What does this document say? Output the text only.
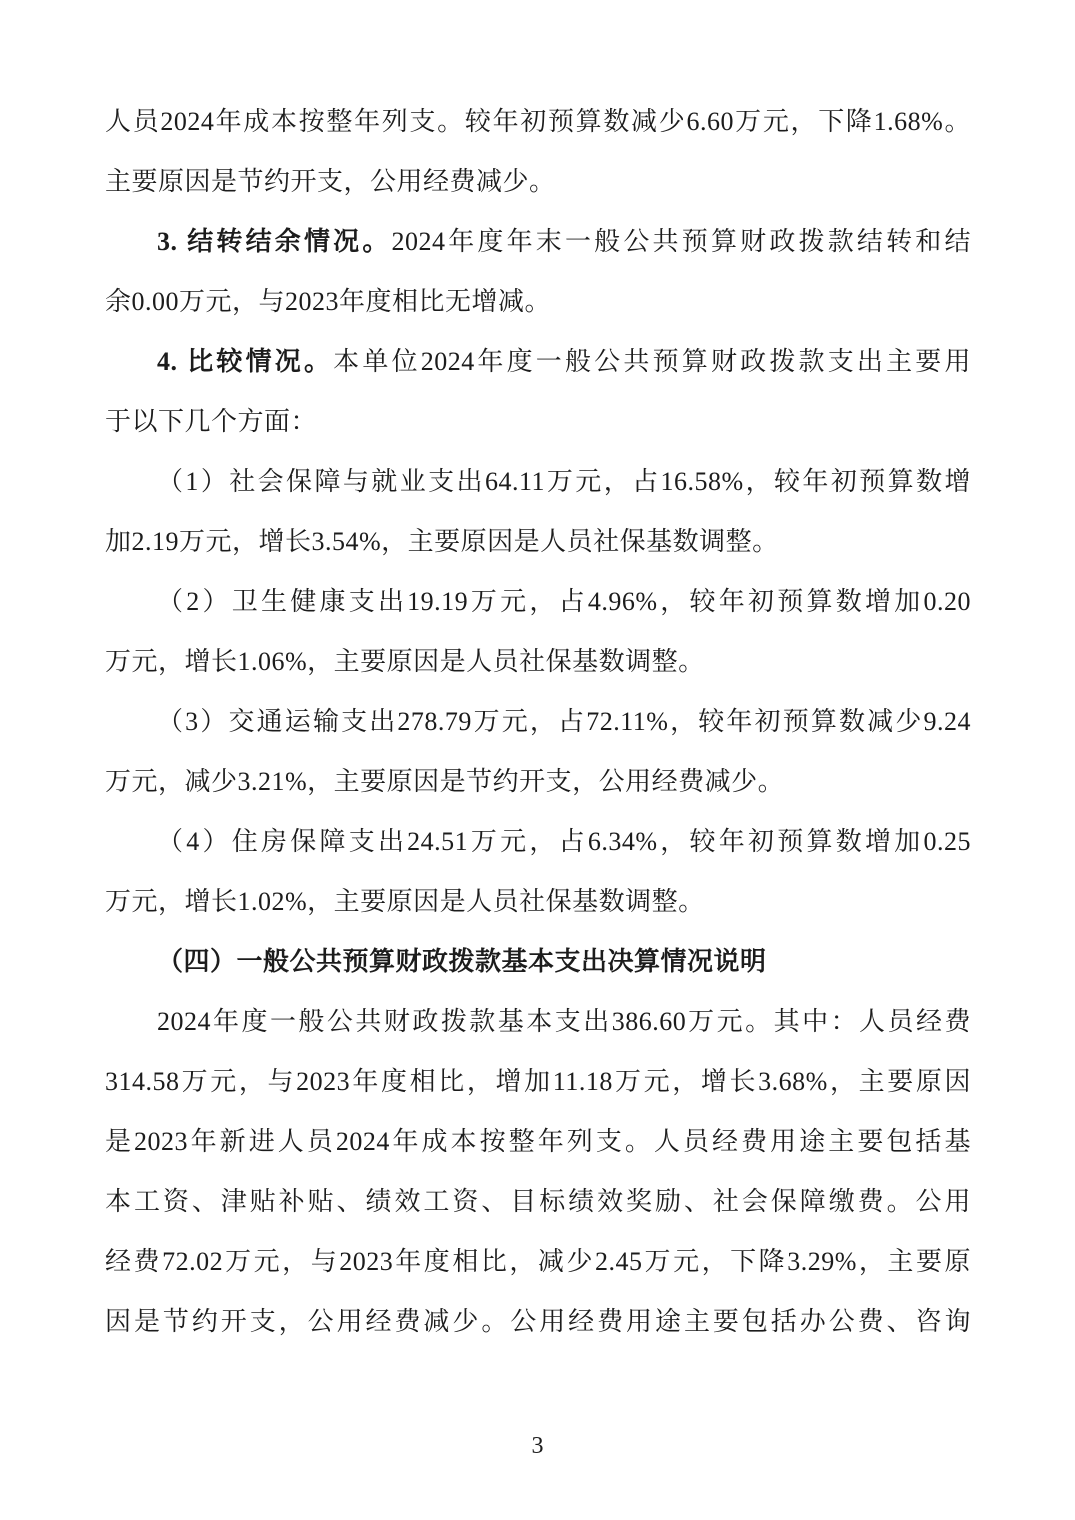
人员2024年成本按整年列支。较年初预算数减少6.60万元，下降1.68%。
主要原因是节约开支，公用经费减少。
3. 结转结余情况。2024年度年末一般公共预算财政拨款结转和结
余0.00万元，与2023年度相比无增减。
4. 比较情况。本单位2024年度一般公共预算财政拨款支出主要用
于以下几个方面：
（1）社会保障与就业支出64.11万元，占16.58%，较年初预算数增
加2.19万元，增长3.54%，主要原因是人员社保基数调整。
（2）卫生健康支出19.19万元，占4.96%，较年初预算数增加0.20
万元，增长1.06%，主要原因是人员社保基数调整。
（3）交通运输支出278.79万元，占72.11%，较年初预算数减少9.24
万元，减少3.21%，主要原因是节约开支，公用经费减少。
（4）住房保障支出24.51万元，占6.34%，较年初预算数增加0.25
万元，增长1.02%，主要原因是人员社保基数调整。
（四）一般公共预算财政拨款基本支出决算情况说明
2024年度一般公共财政拨款基本支出386.60万元。其中：人员经费
314.58万元，与2023年度相比，增加11.18万元，增长3.68%，主要原因
是2023年新进人员2024年成本按整年列支。人员经费用途主要包括基
本工资、津贴补贴、绩效工资、目标绩效奖励、社会保障缴费。公用
经费72.02万元，与2023年度相比，减少2.45万元，下降3.29%，主要原
因是节约开支，公用经费减少。公用经费用途主要包括办公费、咨询
3
